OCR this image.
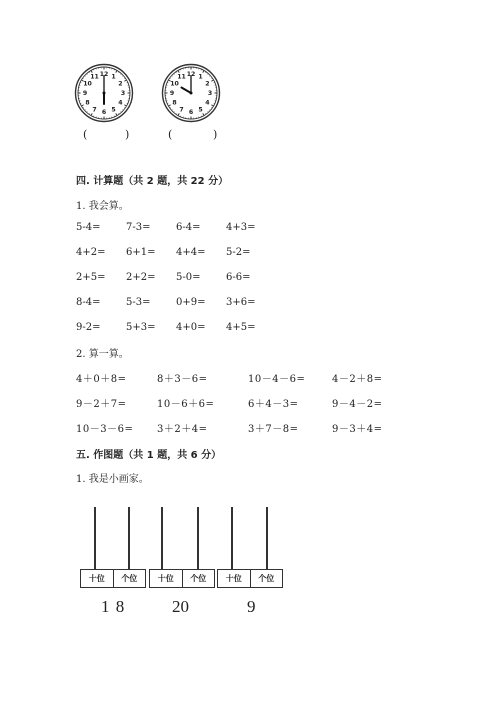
12 1
2
3
4
5
6
7
8
9
10
11	12 1
2
3
4
5
6
7
8
9
10
11
(	)	(	)
四. 计算题（共 2 题，共 22 分）
1. 我会算。
5-4=	7-3=	6-4=	4+3=
4+2= 6+1= 4+4= 5-2=
2+5= 2+2= 5-0=	6-6=
8-4=	5-3=	0+9= 3+6=
9-2=	5+3= 4+0= 4+5=
2. 算一算。
4＋0＋8=	8＋3－6=	10－4－6=	4－2＋8=
9－2＋7=	10－6＋6=	6＋4－3=	9－4－2=
10－3－6= 3＋2＋4=	3＋7－8=	9－3＋4=
五. 作图题（共 1 题，共 6 分）
1. 我是小画家。
十位	个位	十位	个位	十位	个位
1 8	20	9
